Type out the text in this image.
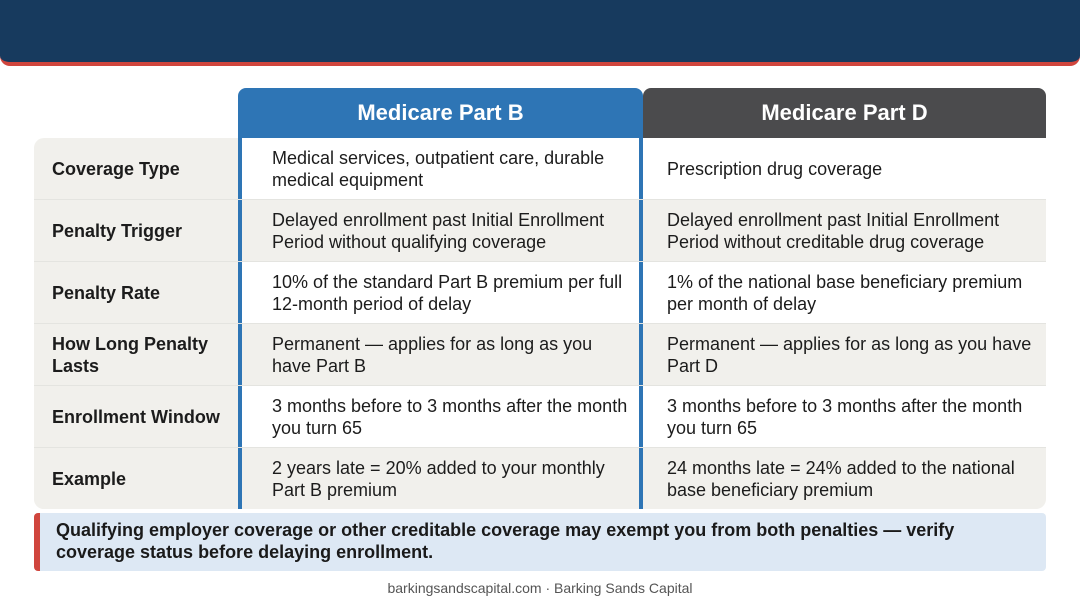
Medicare Part B	Medicare Part D
Coverage Type
Medical services, outpatient care, durable medical equipment
Prescription drug coverage
Penalty Trigger
Delayed enrollment past Initial Enrollment Period without qualifying coverage
Delayed enrollment past Initial Enrollment Period without creditable drug coverage
Penalty Rate
10% of the standard Part B premium per full 12-month period of delay
1% of the national base beneficiary premium per month of delay
How Long Penalty Lasts
Permanent — applies for as long as you have Part B
Permanent — applies for as long as you have Part D
Enrollment Window
3 months before to 3 months after the month you turn 65
3 months before to 3 months after the month you turn 65
Example
2 years late = 20% added to your monthly Part B premium
24 months late = 24% added to the national base beneficiary premium
Qualifying employer coverage or other creditable coverage may exempt you from both penalties — verify coverage status before delaying enrollment.
barkingsandscapital.com · Barking Sands Capital
